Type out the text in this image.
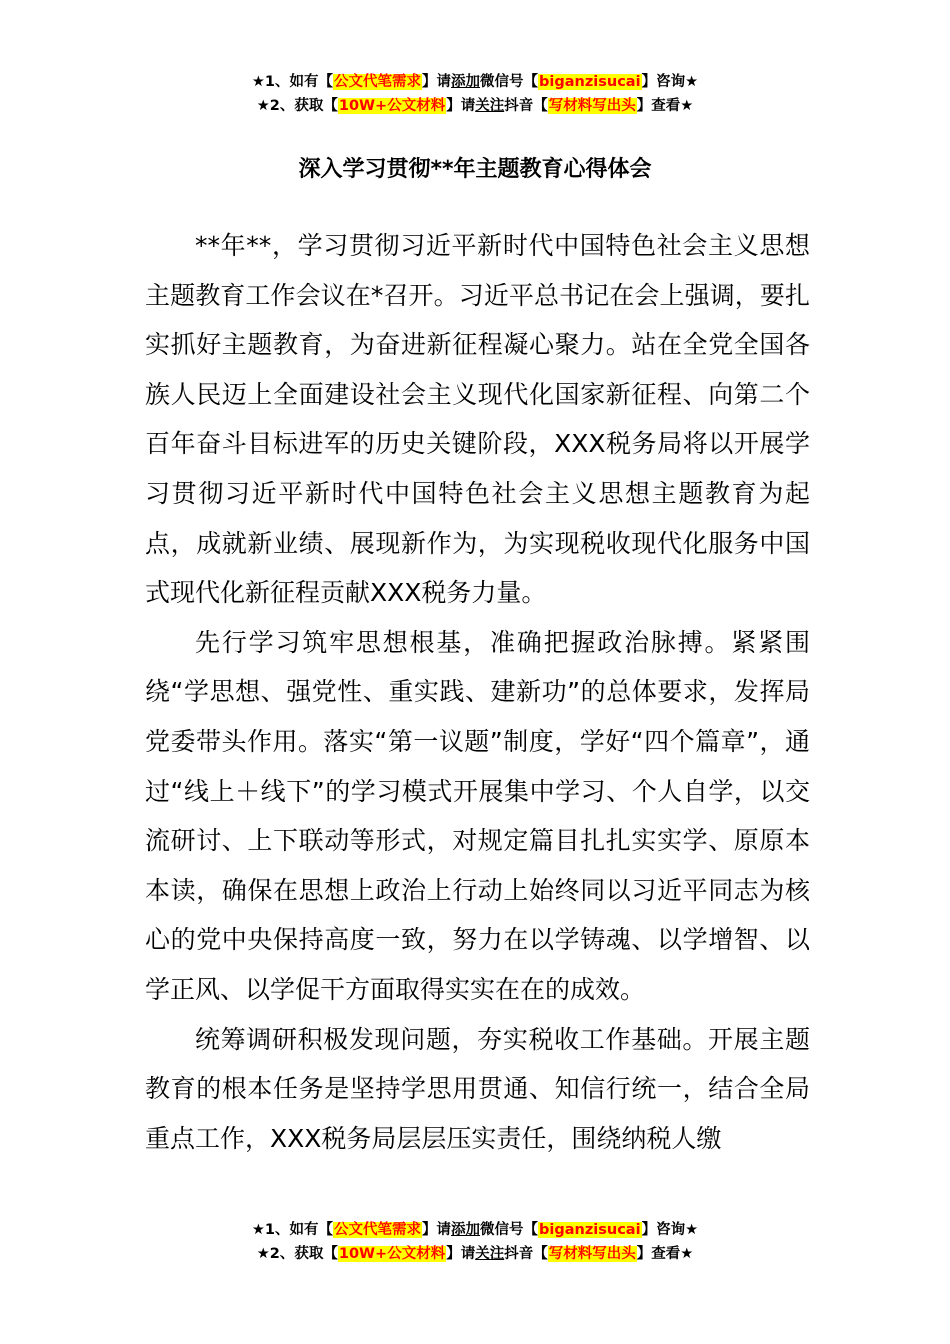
★1、如有【公文代笔需求】请添加微信号【biganzisucai】咨询★
★2、获取【10W+公文材料】请关注抖音【写材料写出头】查看★
深入学习贯彻**年主题教育心得体会

**年**，学习贯彻习近平新时代中国特色社会主义思想主题教育工作会议在*召开。习近平总书记在会上强调，要扎实抓好主题教育，为奋进新征程凝心聚力。站在全党全国各族人民迈上全面建设社会主义现代化国家新征程、向第二个百年奋斗目标进军的历史关键阶段，XXX税务局将以开展学习贯彻习近平新时代中国特色社会主义思想主题教育为起点，成就新业绩、展现新作为，为实现税收现代化服务中国式现代化新征程贡献XXX税务力量。

先行学习筑牢思想根基，准确把握政治脉搏。紧紧围绕“学思想、强党性、重实践、建新功”的总体要求，发挥局党委带头作用。落实“第一议题”制度，学好“四个篇章”，通过“线上＋线下”的学习模式开展集中学习、个人自学，以交流研讨、上下联动等形式，对规定篇目扎扎实实学、原原本本读，确保在思想上政治上行动上始终同以习近平同志为核心的党中央保持高度一致，努力在以学铸魂、以学增智、以学正风、以学促干方面取得实实在在的成效。

统筹调研积极发现问题，夯实税收工作基础。开展主题教育的根本任务是坚持学思用贯通、知信行统一，结合全局重点工作，XXX税务局层层压实责任，围绕纳税人缴

★1、如有【公文代笔需求】请添加微信号【biganzisucai】咨询★
★2、获取【10W+公文材料】请关注抖音【写材料写出头】查看★
